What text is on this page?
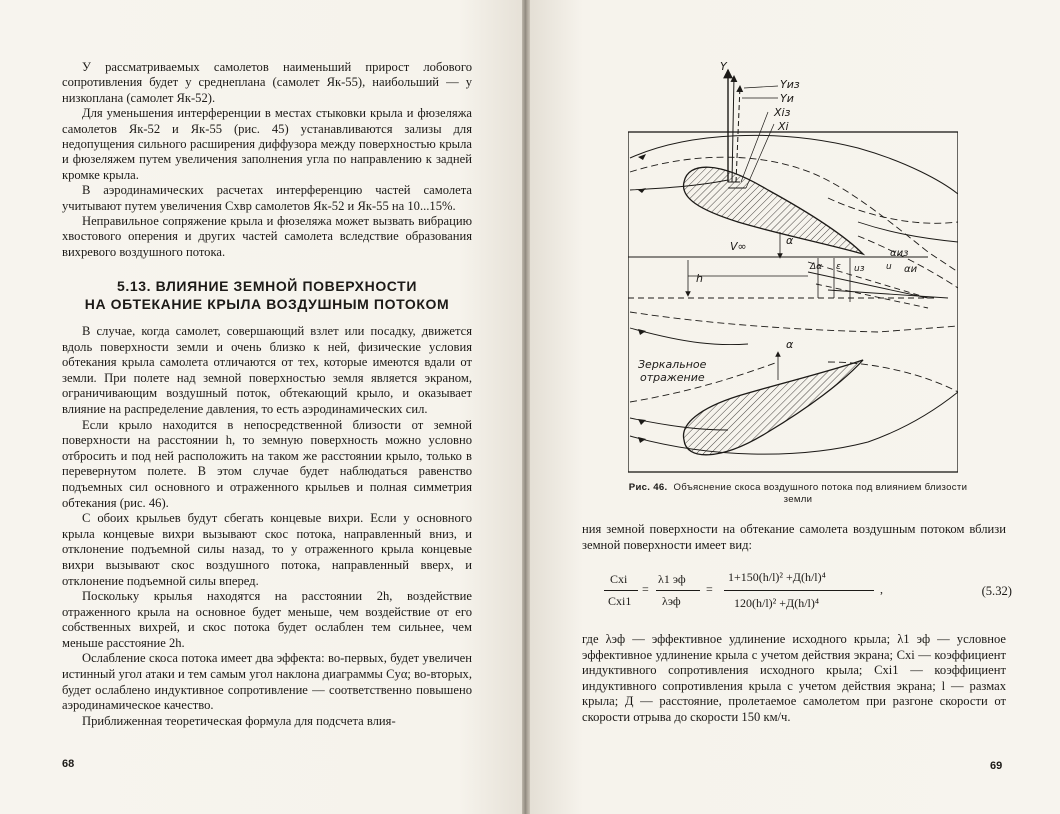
У рассматриваемых самолетов наименьший прирост лобового сопротивления будет у среднеплана (самолет Як-55), наибольший — у низкоплана (самолет Як-52).

Для уменьшения интерференции в местах стыковки крыла и фюзеляжа самолетов Як-52 и Як-55 (рис. 45) устанавливаются зализы для недопущения сильного расширения диффузора между поверхностью крыла и фюзеляжем путем увеличения заполнения угла по направлению к задней кромке крыла.

В аэродинамических расчетах интерференцию частей самолета учитывают путем увеличения Cxвр самолетов Як-52 и Як-55 на 10...15%.

Неправильное сопряжение крыла и фюзеляжа может вызвать вибрацию хвостового оперения и других частей самолета вследствие образования вихревого воздушного потока.

5.13. ВЛИЯНИЕ ЗЕМНОЙ ПОВЕРХНОСТИ
НА ОБТЕКАНИЕ КРЫЛА ВОЗДУШНЫМ ПОТОКОМ

В случае, когда самолет, совершающий взлет или посадку, движется вдоль поверхности земли и очень близко к ней, физические условия обтекания крыла самолета отличаются от тех, которые имеются вдали от земли. При полете над земной поверхностью земля является экраном, ограничивающим воздушный поток, обтекающий крыло, и оказывает влияние на распределение давления, то есть аэродинамических сил.

Если крыло находится в непосредственной близости от земной поверхности на расстоянии h, то земную поверхность можно условно отбросить и под ней расположить на таком же расстоянии крыло, только в перевернутом полете. В этом случае будет наблюдаться равенство подъемных сил основного и отраженного крыльев и полная симметрия обтекания (рис. 46).

С обоих крыльев будут сбегать концевые вихри. Если у основного крыла концевые вихри вызывают скос потока, направленный вниз, и отклонение подъемной силы назад, то у отраженного крыла концевые вихри вызывают скос воздушного потока, направленный вверх, и отклонение подъемной силы вперед.

Поскольку крылья находятся на расстоянии 2h, воздействие отраженного крыла на основное будет меньше, чем воздействие от его собственных вихрей, и скос потока будет ослаблен тем сильнее, чем меньше расстояние 2h.

Ослабление скоса потока имеет два эффекта: во-первых, будет увеличен истинный угол атаки и тем самым угол наклона диаграммы Cyα; во-вторых, будет ослаблено индуктивное сопротивление — соответственно повышено аэродинамическое качество.

Приближенная теоретическая формула для подсчета влия-

68
Y
Yиз
Yи
Xiз
Xi
V∞	α
Δα ε uз u
αиз
αи
h
Зеркальное
отражение
α
Рис. 46. Объяснение скоса воздушного потока под влиянием близости земли

ния земной поверхности на обтекание самолета воздушным потоком вблизи земной поверхности имеет вид:

Cxi
Cxi1
=
λ1 эф
λэф
=
1+150(h/l)² +Д(h/l)⁴
120(h/l)² +Д(h/l)⁴
,	(5.32)

где λэф — эффективное удлинение исходного крыла; λ1 эф — условное эффективное удлинение крыла с учетом действия экрана; Cxi — коэффициент индуктивного сопротивления исходного крыла; Cxi1 — коэффициент индуктивного сопротивления крыла с учетом действия экрана; l — размах крыла; Д — расстояние, пролетаемое самолетом при разгоне скорости от скорости отрыва до скорости 150 км/ч.

69
